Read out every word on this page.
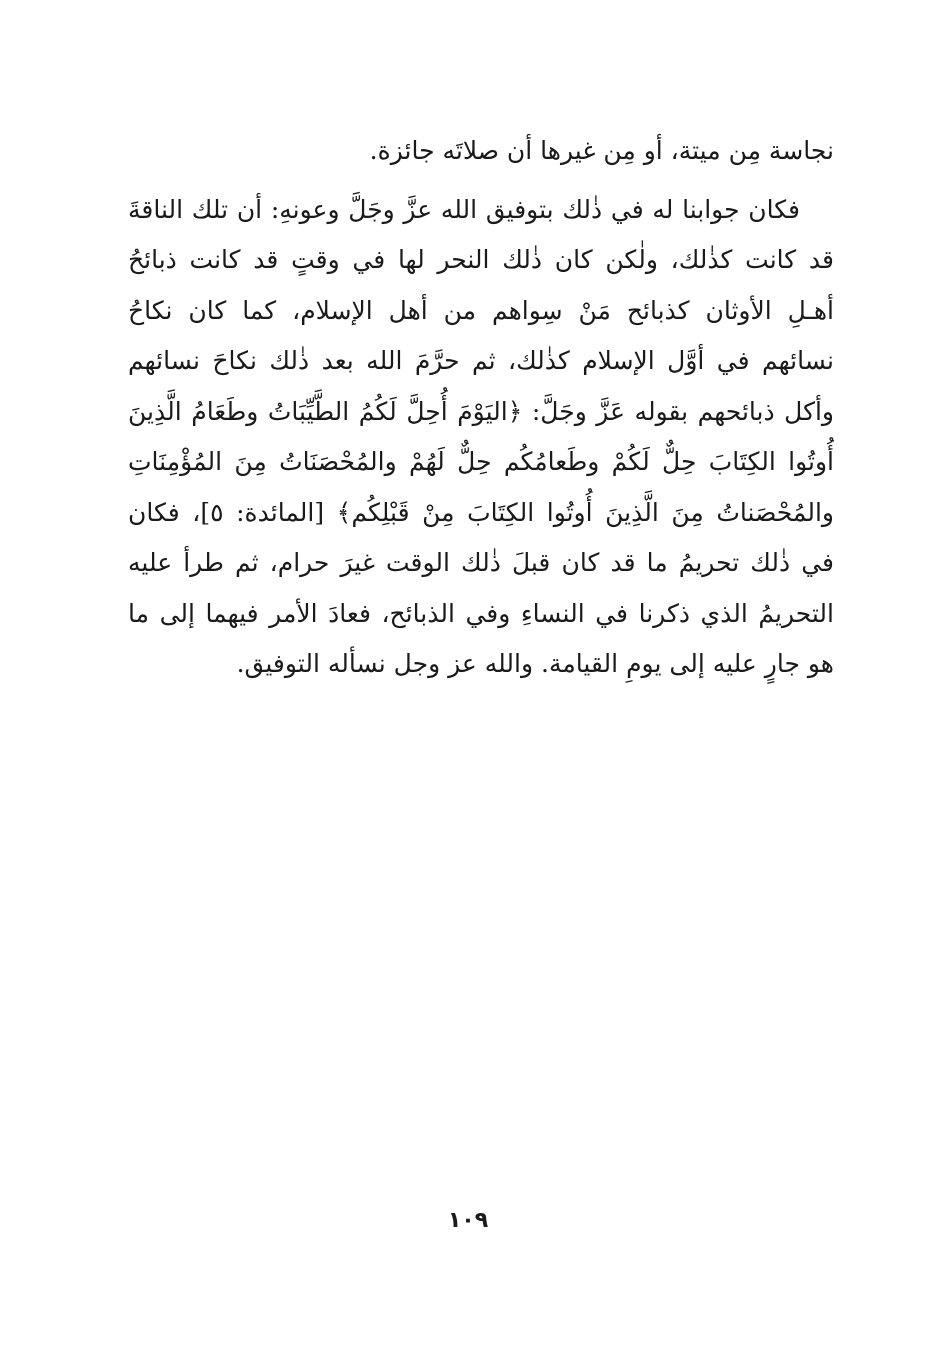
نجاسة مِن ميتة، أو مِن غيرها أن صلاتَه جائزة.
فكان جوابنا له في ذٰلك بتوفيق الله عزَّ وجَلَّ وعونهِ: أن تلك الناقةَ
قد كانت كذٰلك، ولٰكن كان ذٰلك النحر لها في وقتٍ قد كانت ذبائحُ
أهـلِ الأوثان كذبائح مَنْ سِواهم من أهل الإسلام، كما كان نكاحُ
نسائهم في أوَّل الإسلام كذٰلك، ثم حرَّمَ الله بعد ذٰلك نكاحَ نسائهم
وأكل ذبائحهم بقوله عَزَّ وجَلَّ: ﴿اليَوْمَ أُحِلَّ لَكُمُ الطَّيِّبَاتُ وطَعَامُ الَّذِينَ
أُوتُوا الكِتَابَ حِلٌّ لَكُمْ وطَعامُكُم حِلٌّ لَهُمْ والمُحْصَنَاتُ مِنَ المُؤْمِنَاتِ
والمُحْصَناتُ مِنَ الَّذِينَ أُوتُوا الكِتَابَ مِنْ قَبْلِكُم﴾ [المائدة: ٥]، فكان
في ذٰلك تحريمُ ما قد كان قبلَ ذٰلك الوقت غيرَ حرام، ثم طرأ عليه
التحريمُ الذي ذكرنا في النساءِ وفي الذبائح، فعادَ الأمر فيهما إلى ما
هو جارٍ عليه إلى يومِ القيامة. والله عز وجل نسأله التوفيق.
١٠٩
